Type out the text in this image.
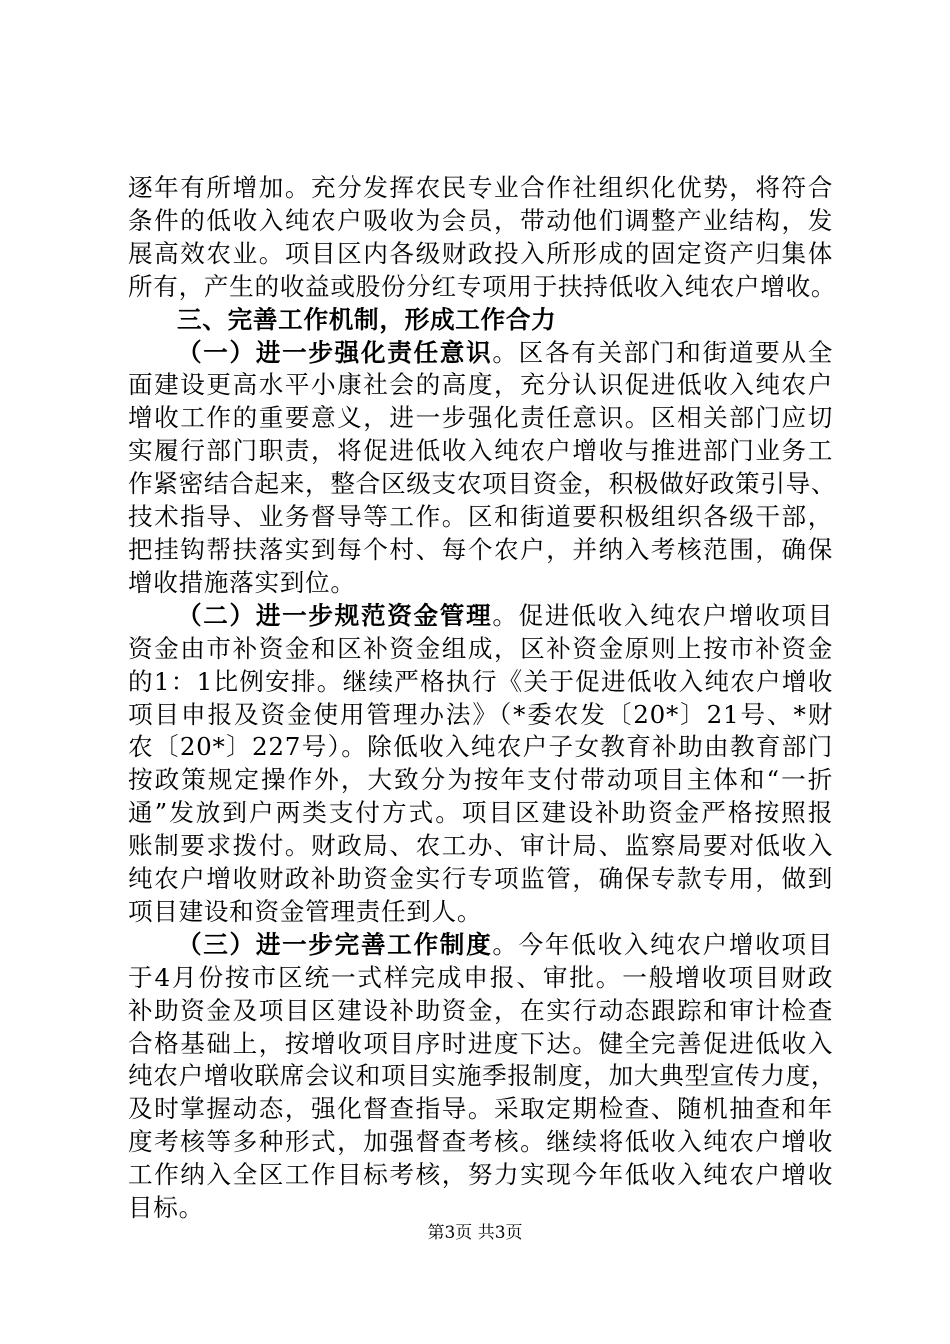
逐年有所增加。充分发挥农民专业合作社组织化优势，将符合
条件的低收入纯农户吸收为会员，带动他们调整产业结构，发
展高效农业。项目区内各级财政投入所形成的固定资产归集体
所有，产生的收益或股份分红专项用于扶持低收入纯农户增收。
三、完善工作机制，形成工作合力
（一）进一步强化责任意识。区各有关部门和街道要从全
面建设更高水平小康社会的高度，充分认识促进低收入纯农户
增收工作的重要意义，进一步强化责任意识。区相关部门应切
实履行部门职责，将促进低收入纯农户增收与推进部门业务工
作紧密结合起来，整合区级支农项目资金，积极做好政策引导、
技术指导、业务督导等工作。区和街道要积极组织各级干部，
把挂钩帮扶落实到每个村、每个农户，并纳入考核范围，确保
增收措施落实到位。
（二）进一步规范资金管理。促进低收入纯农户增收项目
资金由市补资金和区补资金组成，区补资金原则上按市补资金
的1：1比例安排。继续严格执行《关于促进低收入纯农户增收
项目申报及资金使用管理办法》（*委农发〔20*〕21号、*财
农〔20*〕227号）。除低收入纯农户子女教育补助由教育部门
按政策规定操作外，大致分为按年支付带动项目主体和“一折
通”发放到户两类支付方式。项目区建设补助资金严格按照报
账制要求拨付。财政局、农工办、审计局、监察局要对低收入
纯农户增收财政补助资金实行专项监管，确保专款专用，做到
项目建设和资金管理责任到人。
（三）进一步完善工作制度。今年低收入纯农户增收项目
于4月份按市区统一式样完成申报、审批。一般增收项目财政
补助资金及项目区建设补助资金，在实行动态跟踪和审计检查
合格基础上，按增收项目序时进度下达。健全完善促进低收入
纯农户增收联席会议和项目实施季报制度，加大典型宣传力度，
及时掌握动态，强化督查指导。采取定期检查、随机抽查和年
度考核等多种形式，加强督查考核。继续将低收入纯农户增收
工作纳入全区工作目标考核，努力实现今年低收入纯农户增收
目标。
第3页 共3页
